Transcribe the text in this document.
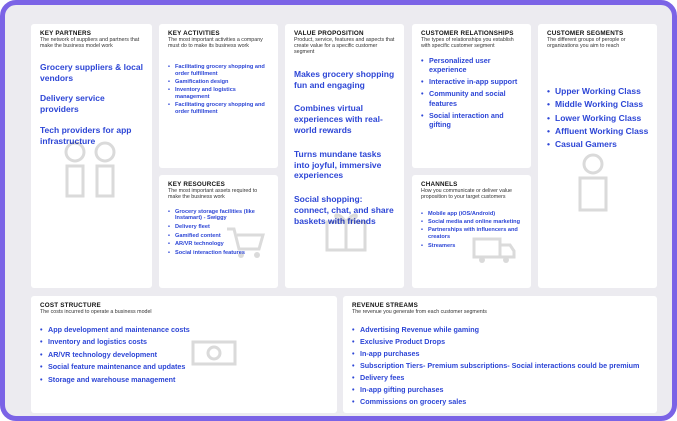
KEY PARTNERS
The network of suppliers and partners that make the business model work
Grocery suppliers & local vendors
Delivery service providers
Tech providers for app infrastructure
KEY ACTIVITIES
The most important activities a company must do to make its business work
• Facilitating grocery shopping and order fulfillment
• Gamification design
• Inventory and logistics management
• Facilitating grocery shopping and order fulfillment
KEY RESOURCES
The most important assets required to make the business work
• Grocery storage facilities (like Instamart) - Swiggy
• Delivery fleet
• Gamified content
• AR/VR technology
• Social interaction features
VALUE PROPOSITION
Product, service, features and aspects that create value for a specific customer segment
Makes grocery shopping fun and engaging
Combines virtual experiences with real-world rewards
Turns mundane tasks into joyful, immersive experiences
Social shopping: connect, chat, and share baskets with friends
CUSTOMER RELATIONSHIPS
The types of relationships you establish with specific customer segment
• Personalized user experience
• Interactive in-app support
• Community and social features
• Social interaction and gifting
CHANNELS
How you communicate or deliver value proposition to your target customers
• Mobile app (iOS/Android)
• Social media and online marketing
• Partnerships with influencers and creators
• Streamers
CUSTOMER SEGMENTS
The different groups of perople or organizations you aim to reach
• Upper Working Class
• Middle Working Class
• Lower Working Class
• Affluent Working Class
• Casual Gamers
COST STRUCTURE
The costs incurred to operate a business model
• App development and maintenance costs
• Inventory and logistics costs
• AR/VR technology development
• Social feature maintenance and updates
• Storage and warehouse management
REVENUE STREAMS
The revenue you generate from each customer segments
• Advertising Revenue while gaming
• Exclusive Product Drops
• In-app purchases
• Subscription Tiers- Premium subscriptions- Social interactions could be premium
• Delivery fees
• In-app gifting purchases
• Commissions on grocery sales
